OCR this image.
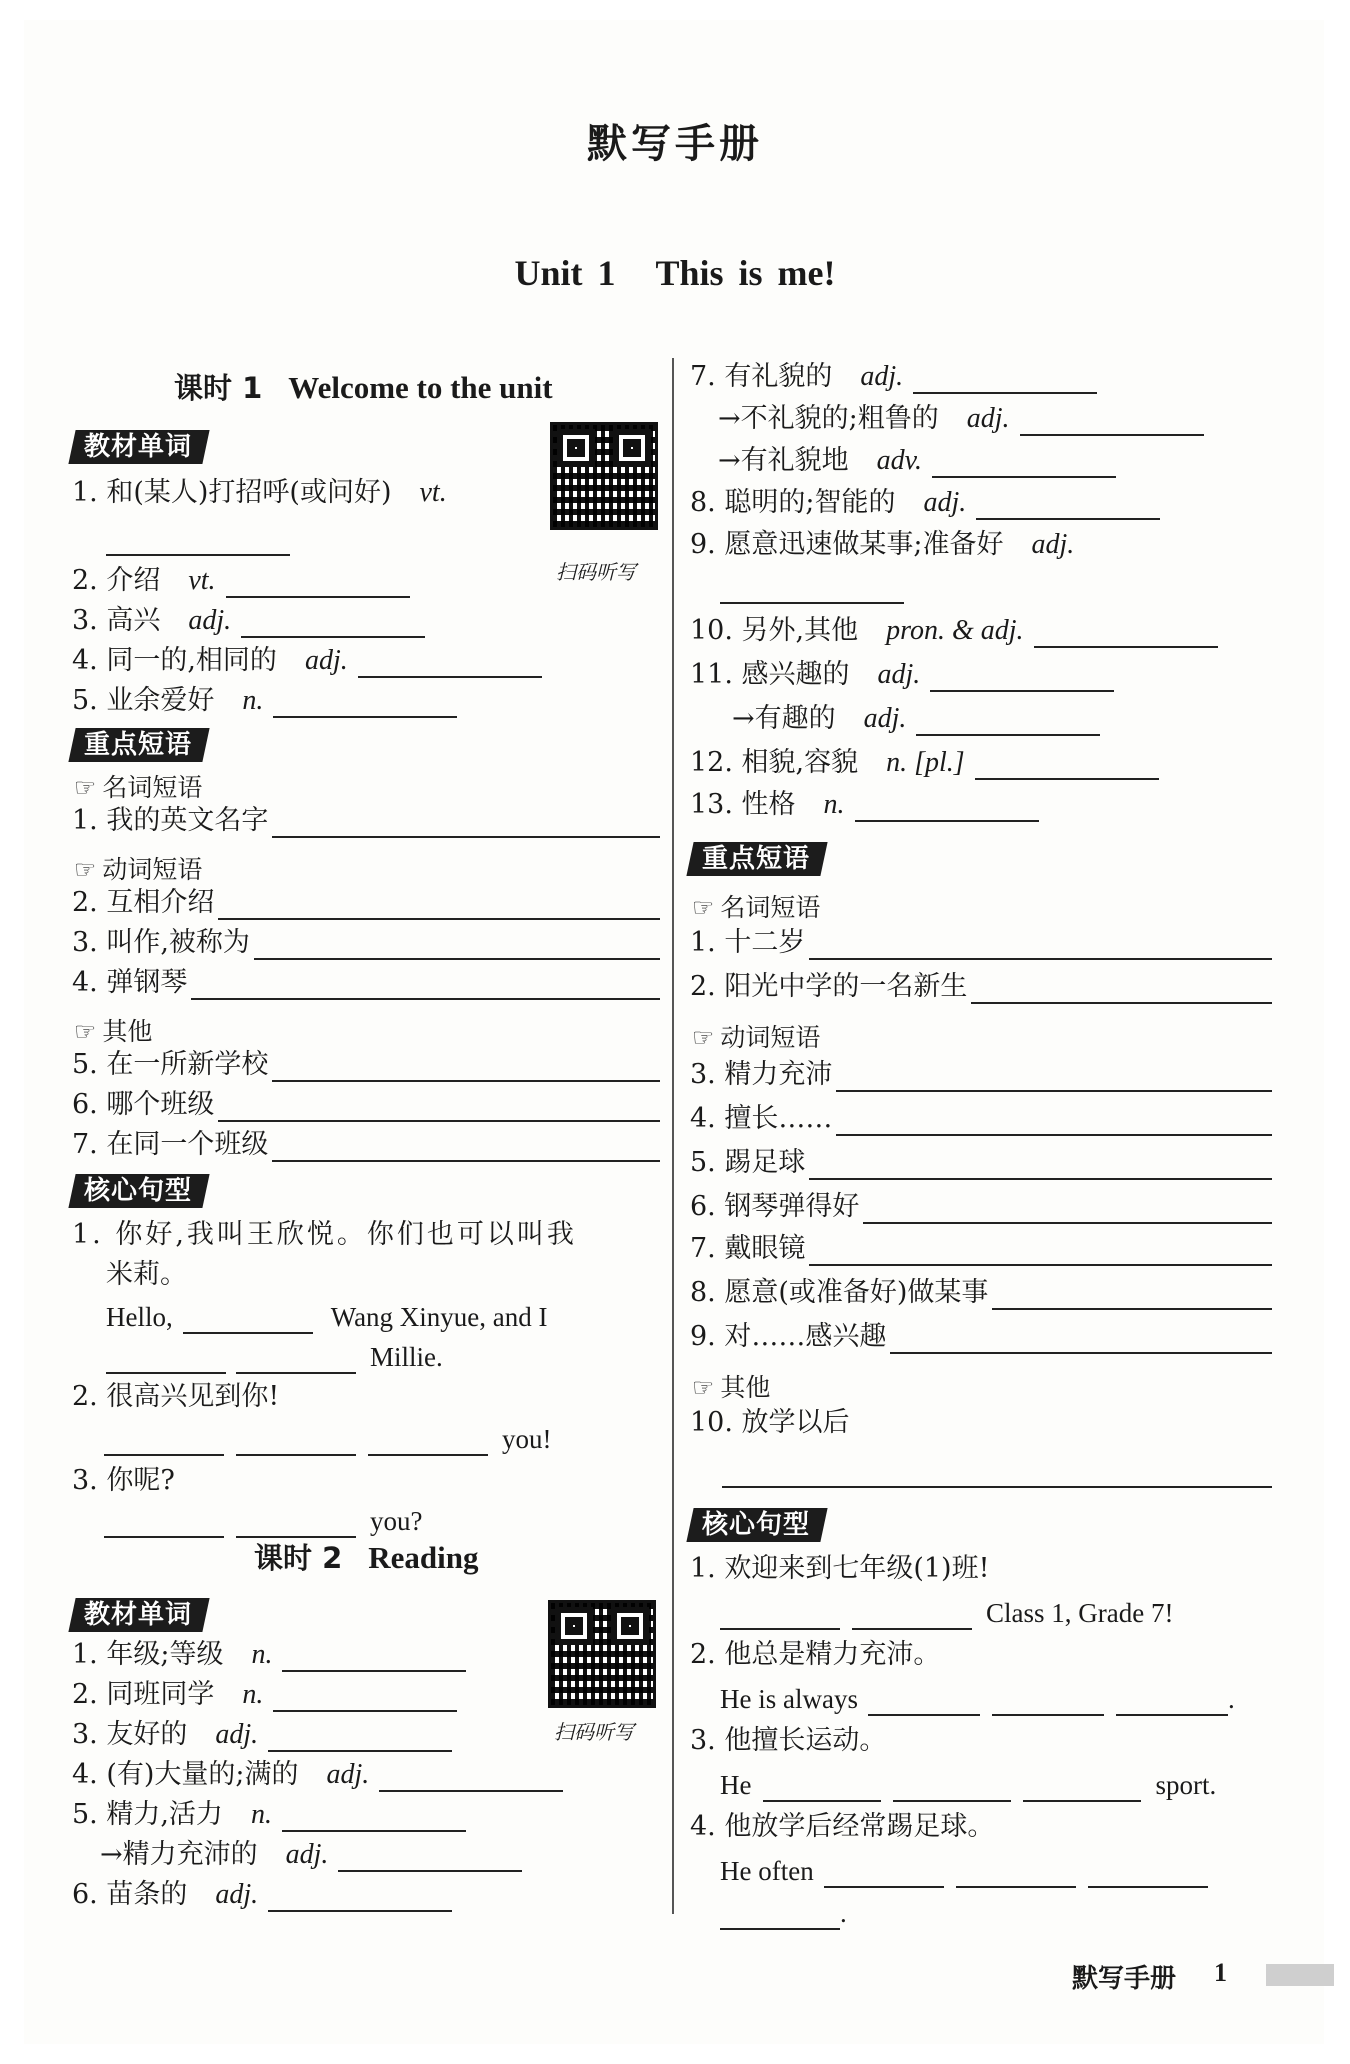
默写手册
Unit 1 This is me!
课时 1 Welcome to the unit
教材单词
扫码听写
1. 和(某人)打招呼(或问好) vt.
2. 介绍 vt.
3. 高兴 adj.
4. 同一的,相同的 adj.
5. 业余爱好 n.
重点短语
☞ 名词短语
1. 我的英文名字
☞ 动词短语
2. 互相介绍
3. 叫作,被称为
4. 弹钢琴
☞ 其他
5. 在一所新学校
6. 哪个班级
7. 在同一个班级
核心句型
1. 你好,我叫王欣悦。你们也可以叫我
米莉。
Hello,	Wang Xinyue, and I
Millie.
2. 很高兴见到你!
you!
3. 你呢?
you?
课时 2 Reading
教材单词
扫码听写
1. 年级;等级 n.
2. 同班同学 n.
3. 友好的 adj.
4. (有)大量的;满的 adj.
5. 精力,活力 n.
→精力充沛的 adj.
6. 苗条的 adj.
7. 有礼貌的 adj.
→不礼貌的;粗鲁的 adj.
→有礼貌地 adv.
8. 聪明的;智能的 adj.
9. 愿意迅速做某事;准备好 adj.
10. 另外,其他 pron. & adj.
11. 感兴趣的 adj.
→有趣的 adj.
12. 相貌,容貌 n. [pl.]
13. 性格 n.
重点短语
☞ 名词短语
1. 十二岁
2. 阳光中学的一名新生
☞ 动词短语
3. 精力充沛
4. 擅长……
5. 踢足球
6. 钢琴弹得好
7. 戴眼镜
8. 愿意(或准备好)做某事
9. 对……感兴趣
☞ 其他
10. 放学以后
核心句型
1. 欢迎来到七年级(1)班!
Class 1, Grade 7!
2. 他总是精力充沛。
He is always	.
3. 他擅长运动。
He	sport.
4. 他放学后经常踢足球。
He often
.
默写手册 1
